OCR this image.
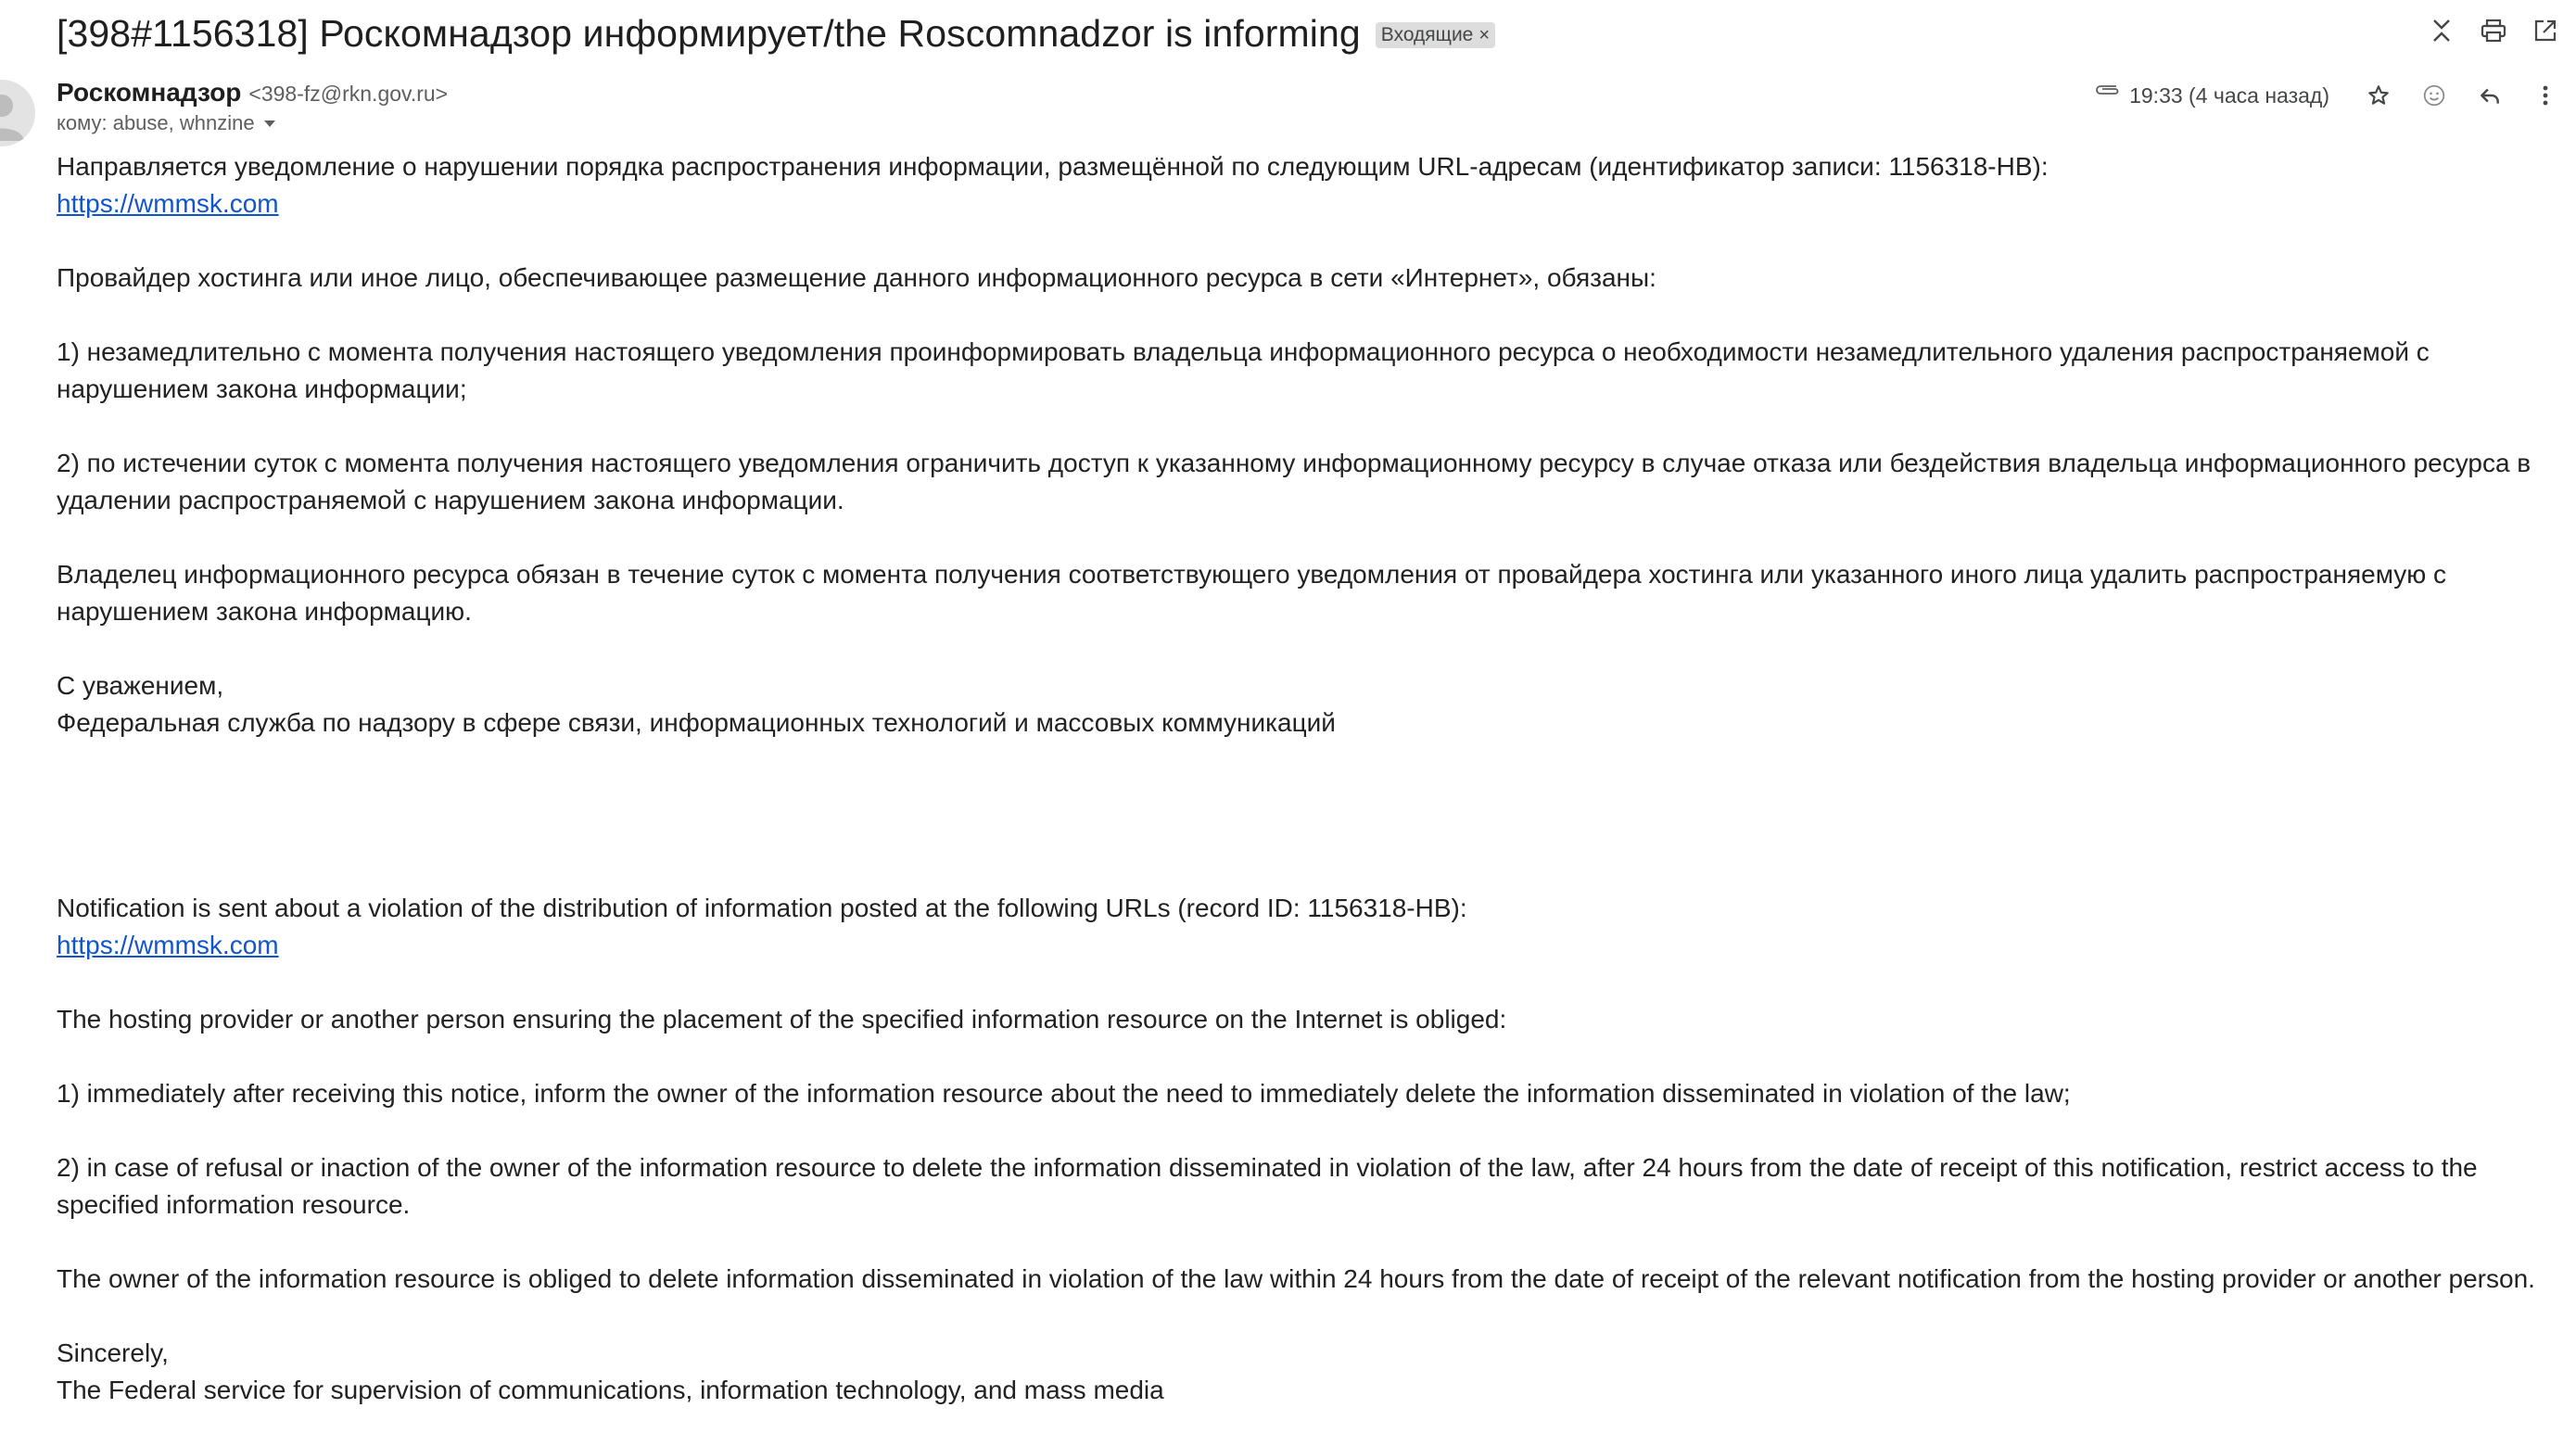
[398#1156318] Роскомнадзор информирует/the Roscomnadzor is informing Входящие ×
Роскомнадзор <398-fz@rkn.gov.ru>
кому: abuse, whnzine
19:33 (4 часа назад)

Направляется уведомление о нарушении порядка распространения информации, размещённой по следующим URL-адресам (идентификатор записи: 1156318-НВ):
https://wmmsk.com

Провайдер хостинга или иное лицо, обеспечивающее размещение данного информационного ресурса в сети «Интернет», обязаны:

1) незамедлительно с момента получения настоящего уведомления проинформировать владельца информационного ресурса о необходимости незамедлительного удаления распространяемой с нарушением закона информации;

2) по истечении суток с момента получения настоящего уведомления ограничить доступ к указанному информационному ресурсу в случае отказа или бездействия владельца информационного ресурса в удалении распространяемой с нарушением закона информации.

Владелец информационного ресурса обязан в течение суток с момента получения соответствующего уведомления от провайдера хостинга или указанного иного лица удалить распространяемую с нарушением закона информацию.

С уважением,
Федеральная служба по надзору в сфере связи, информационных технологий и массовых коммуникаций

Notification is sent about a violation of the distribution of information posted at the following URLs (record ID: 1156318-HB):
https://wmmsk.com

The hosting provider or another person ensuring the placement of the specified information resource on the Internet is obliged:

1) immediately after receiving this notice, inform the owner of the information resource about the need to immediately delete the information disseminated in violation of the law;

2) in case of refusal or inaction of the owner of the information resource to delete the information disseminated in violation of the law, after 24 hours from the date of receipt of this notification, restrict access to the specified information resource.

The owner of the information resource is obliged to delete information disseminated in violation of the law within 24 hours from the date of receipt of the relevant notification from the hosting provider or another person.

Sincerely,
The Federal service for supervision of communications, information technology, and mass media
